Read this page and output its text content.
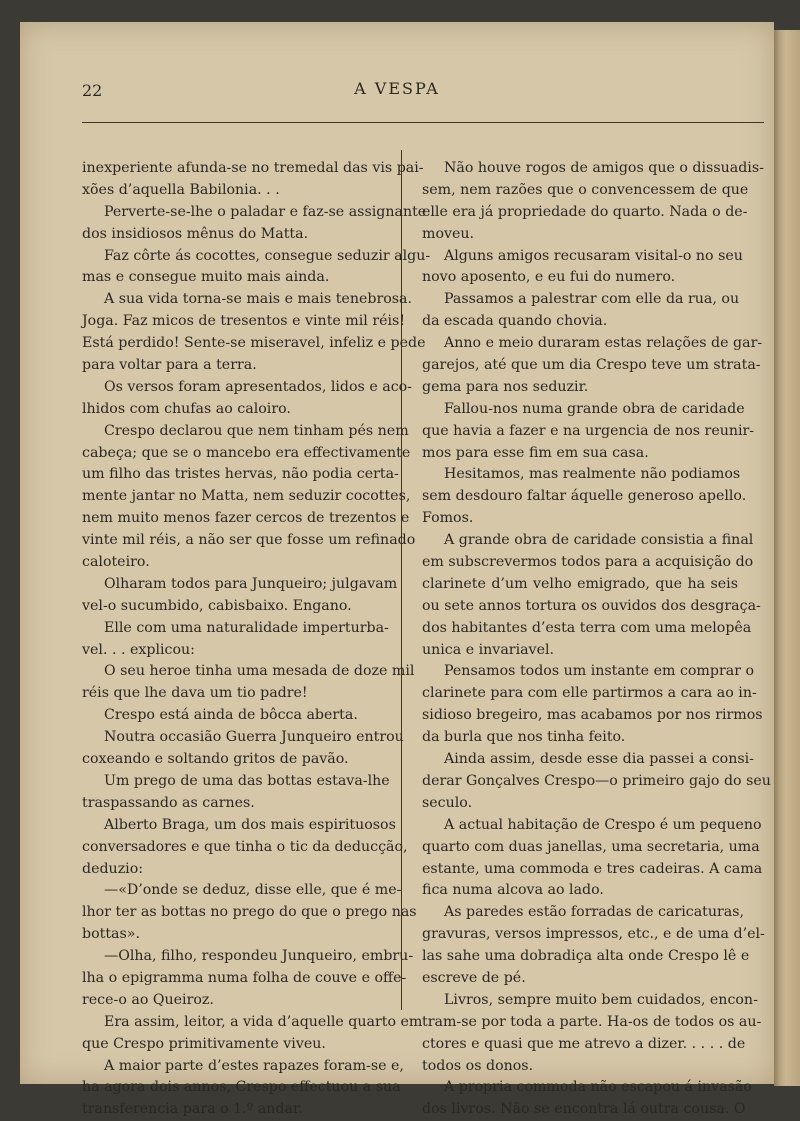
22	A VESPA
inexperiente afunda-se no tremedal das vis pai-
xões d’aquella Babilonia. . .
Perverte-se-lhe o paladar e faz-se assignante
dos insidiosos mênus do Matta.
Faz côrte ás cocottes, consegue seduzir algu-
mas e consegue muito mais ainda.
A sua vida torna-se mais e mais tenebrosa.
Joga. Faz micos de tresentos e vinte mil réis!
Está perdido! Sente-se miseravel, infeliz e pede
para voltar para a terra.
Os versos foram apresentados, lidos e aco-
lhidos com chufas ao caloiro.
Crespo declarou que nem tinham pés nem
cabeça; que se o mancebo era effectivamente
um filho das tristes hervas, não podia certa-
mente jantar no Matta, nem seduzir cocottes,
nem muito menos fazer cercos de trezentos e
vinte mil réis, a não ser que fosse um refinado
caloteiro.
Olharam todos para Junqueiro; julgavam
vel-o sucumbido, cabisbaixo. Engano.
Elle com uma naturalidade imperturba-
vel. . . explicou:
O seu heroe tinha uma mesada de doze mil
réis que lhe dava um tio padre!
Crespo está ainda de bôcca aberta.
Noutra occasião Guerra Junqueiro entrou
coxeando e soltando gritos de pavão.
Um prego de uma das bottas estava-lhe
traspassando as carnes.
Alberto Braga, um dos mais espirituosos
conversadores e que tinha o tic da deducção,
deduzio:
—«D’onde se deduz, disse elle, que é me-
lhor ter as bottas no prego do que o prego nas
bottas».
—Olha, filho, respondeu Junqueiro, embru-
lha o epigramma numa folha de couve e offe-
rece-o ao Queiroz.
Era assim, leitor, a vida d’aquelle quarto em
que Crespo primitivamente viveu.
A maior parte d’estes rapazes foram-se e,
ha agora dois annos, Crespo effectuou a sua
transferencia para o 1.º andar.
Não houve rogos de amigos que o dissuadis-
sem, nem razões que o convencessem de que
elle era já propriedade do quarto. Nada o de-
moveu.
Alguns amigos recusaram visital-o no seu
novo aposento, e eu fui do numero.
Passamos a palestrar com elle da rua, ou
da escada quando chovia.
Anno e meio duraram estas relações de gar-
garejos, até que um dia Crespo teve um strata-
gema para nos seduzir.
Fallou-nos numa grande obra de caridade
que havia a fazer e na urgencia de nos reunir-
mos para esse fim em sua casa.
Hesitamos, mas realmente não podiamos
sem desdouro faltar áquelle generoso apello.
Fomos.
A grande obra de caridade consistia a final
em subscrevermos todos para a acquisição do
clarinete d’um velho emigrado, que ha seis
ou sete annos tortura os ouvidos dos desgraça-
dos habitantes d’esta terra com uma melopêa
unica e invariavel.
Pensamos todos um instante em comprar o
clarinete para com elle partirmos a cara ao in-
sidioso bregeiro, mas acabamos por nos rirmos
da burla que nos tinha feito.
Ainda assim, desde esse dia passei a consi-
derar Gonçalves Crespo—o primeiro gajo do seu
seculo.
A actual habitação de Crespo é um pequeno
quarto com duas janellas, uma secretaria, uma
estante, uma commoda e tres cadeiras. A cama
fica numa alcova ao lado.
As paredes estão forradas de caricaturas,
gravuras, versos impressos, etc., e de uma d’el-
las sahe uma dobradiça alta onde Crespo lê e
escreve de pé.
Livros, sempre muito bem cuidados, encon-
tram-se por toda a parte. Ha-os de todos os au-
ctores e quasi que me atrevo a dizer. . . . . de
todos os donos.
A propria commoda não escapou á invasão
dos livros. Não se encontra lá outra cousa. O
